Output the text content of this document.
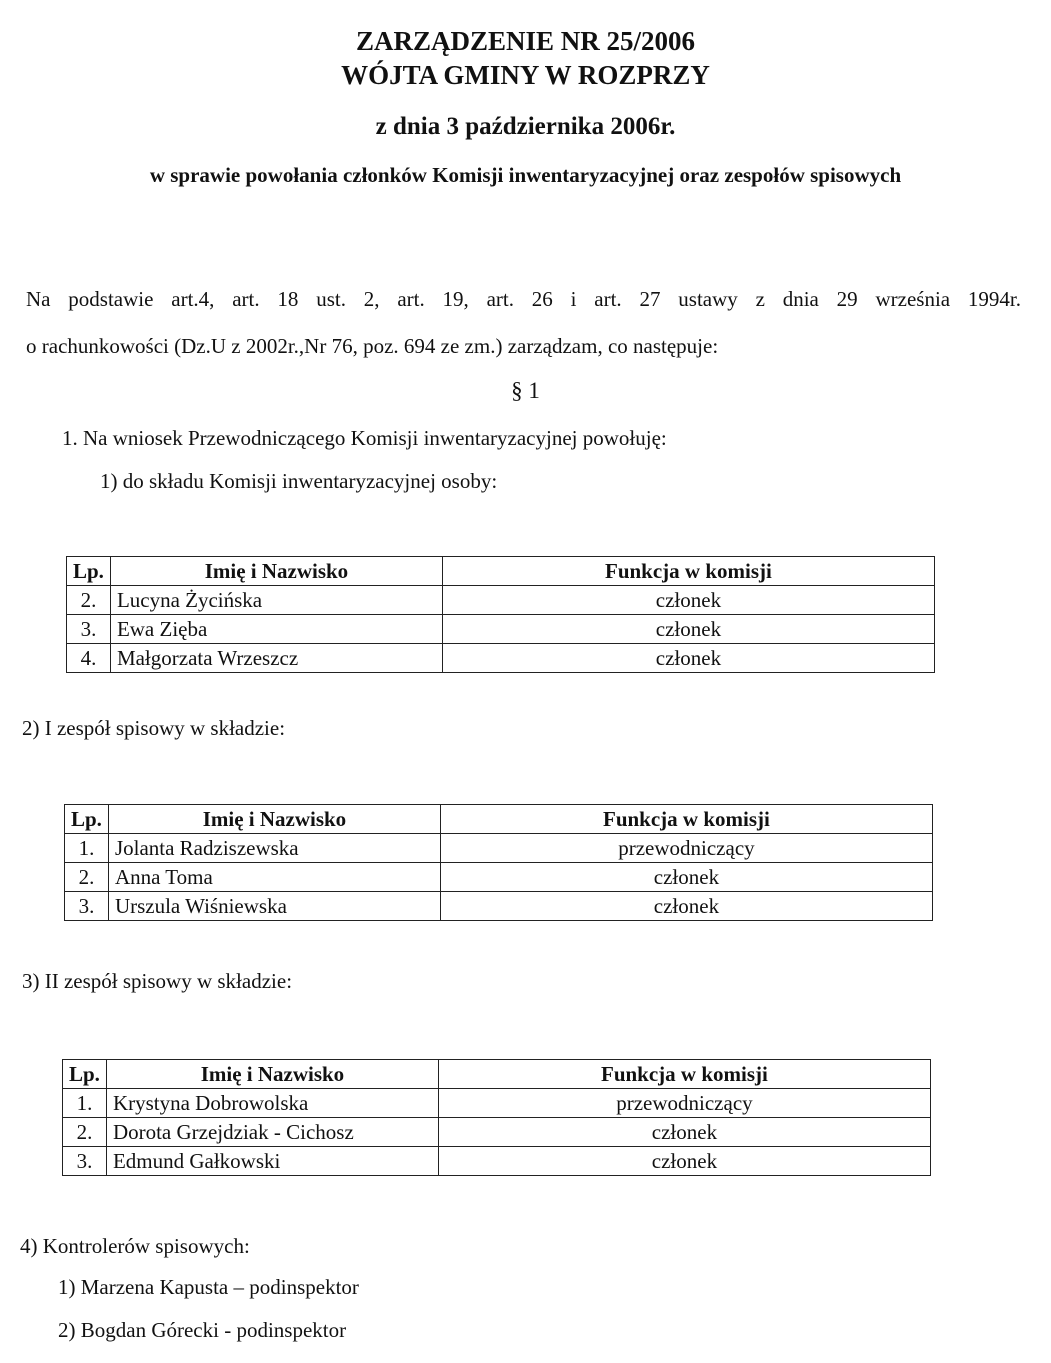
ZARZĄDZENIE NR 25/2006
WÓJTA GMINY W ROZPRZY
z dnia 3 października 2006r.
w sprawie powołania członków Komisji inwentaryzacyjnej oraz zespołów spisowych
Na podstawie art.4, art. 18 ust. 2, art. 19, art. 26 i art. 27 ustawy z dnia 29 września 1994r.
o rachunkowości (Dz.U z 2002r.,Nr 76, poz. 694 ze zm.) zarządzam, co następuje:
§ 1
1. Na wniosek Przewodniczącego Komisji inwentaryzacyjnej powołuję:
1) do składu Komisji inwentaryzacyjnej osoby:
Lp.	Imię i Nazwisko	Funkcja w komisji
2.	Lucyna Życińska	członek
3.	Ewa Zięba	członek
4.	Małgorzata Wrzeszcz	członek
2) I zespół spisowy w składzie:
Lp.	Imię i Nazwisko	Funkcja w komisji
1.	Jolanta Radziszewska	przewodniczący
2.	Anna Toma	członek
3.	Urszula Wiśniewska	członek
3) II zespół spisowy w składzie:
Lp.	Imię i Nazwisko	Funkcja w komisji
1.	Krystyna Dobrowolska	przewodniczący
2.	Dorota Grzejdziak - Cichosz	członek
3.	Edmund Gałkowski	członek
4) Kontrolerów spisowych:
1) Marzena Kapusta – podinspektor
2) Bogdan Górecki - podinspektor
